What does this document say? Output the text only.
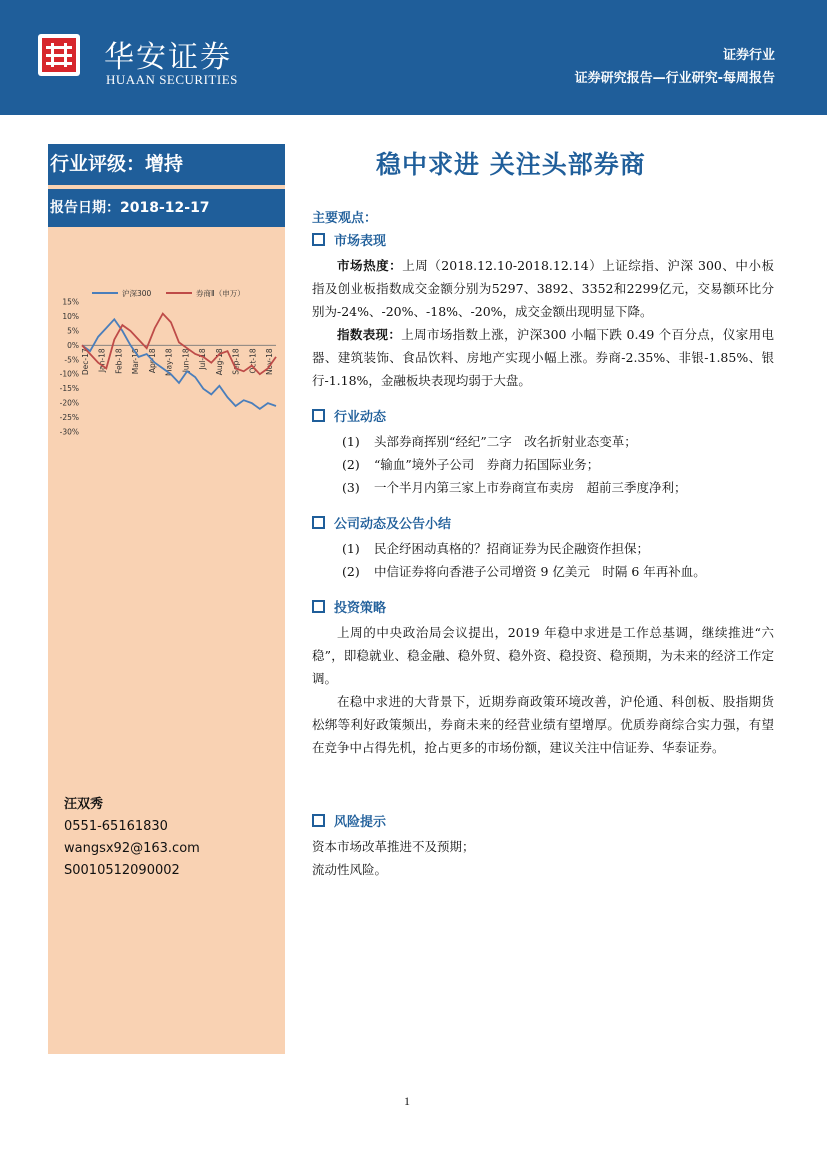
华安证券
HUAAN SECURITIES
证券行业
证券研究报告—行业研究-每周报告
行业评级：增持
报告日期：2018-12-17
沪深300	券商Ⅱ（申万）
15%
10%
5%
0%
-5%
-10%
-15%
-20%
-25%
-30%
Dec-17 Jan-18 Feb-18 Mar-18 Apr-18 May-18 Jun-18 Jul-18 Aug-18 Sep-18 Oct-18 Nov-18
汪双秀
0551-65161830
wangsx92@163.com
S0010512090002
稳中求进 关注头部券商
主要观点：
市场表现

市场热度：上周（2018.12.10-2018.12.14）上证综指、沪深 300、中小板指及创业板指数成交金额分别为5297、3892、3352和2299亿元，交易额环比分别为-24%、-20%、-18%、-20%，成交金额出现明显下降。

指数表现：上周市场指数上涨，沪深300 小幅下跌 0.49 个百分点，仪家用电器、建筑装饰、食品饮料、房地产实现小幅上涨。券商-2.35%、非银-1.85%、银行-1.18%，金融板块表现均弱于大盘。

行业动态
(1) 头部券商挥别“经纪”二字　改名折射业态变革；
(2) “输血”境外子公司　券商力拓国际业务；
(3) 一个半月内第三家上市券商宣布卖房　超前三季度净利；
公司动态及公告小结
(1) 民企纾困动真格的？招商证券为民企融资作担保；
(2) 中信证券将向香港子公司增资 9 亿美元　时隔 6 年再补血。
投资策略

上周的中央政治局会议提出，2019 年稳中求进是工作总基调，继续推进“六稳”，即稳就业、稳金融、稳外贸、稳外资、稳投资、稳预期，为未来的经济工作定调。

在稳中求进的大背景下，近期券商政策环境改善，沪伦通、科创板、股指期货松绑等利好政策频出，券商未来的经营业绩有望增厚。优质券商综合实力强，有望在竞争中占得先机，抢占更多的市场份额，建议关注中信证券、华泰证券。

风险提示

资本市场改革推进不及预期；

流动性风险。

1
